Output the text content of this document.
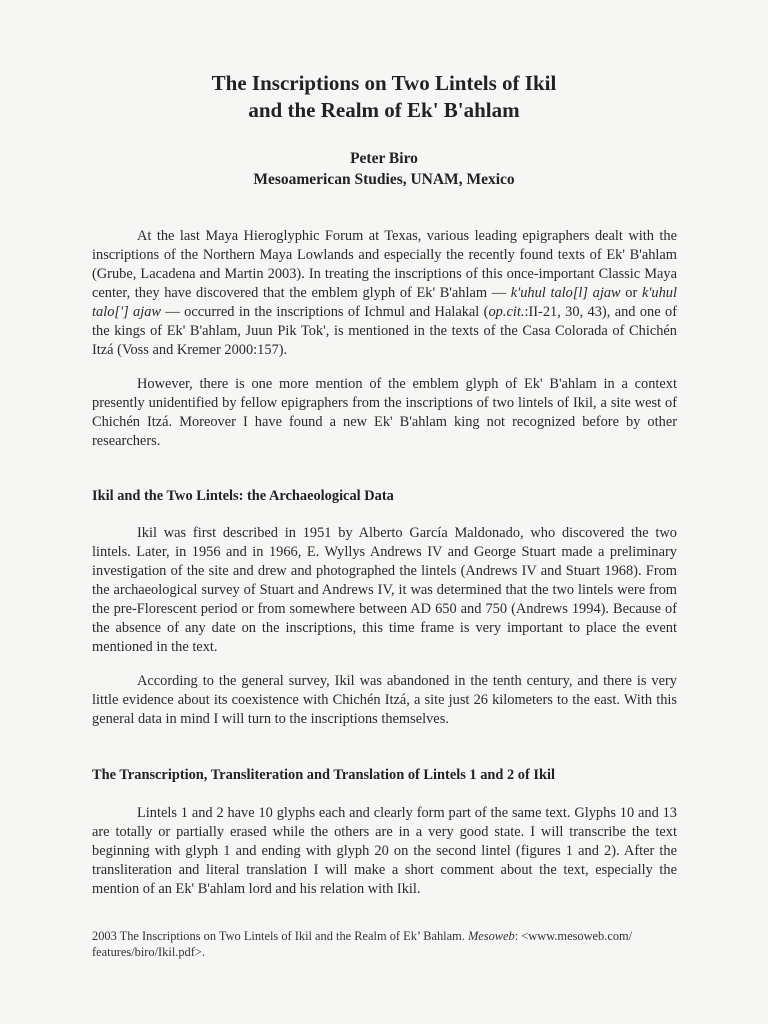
The Inscriptions on Two Lintels of Ikil
and the Realm of Ek' B'ahlam
Peter Biro
Mesoamerican Studies, UNAM, Mexico

At the last Maya Hieroglyphic Forum at Texas, various leading epigraphers dealt with the inscriptions of the Northern Maya Lowlands and especially the recently found texts of Ek' B'ahlam (Grube, Lacadena and Martin 2003). In treating the inscriptions of this once-important Classic Maya center, they have discovered that the emblem glyph of Ek' B'ahlam — k'uhul talo[l] ajaw or k'uhul talo['] ajaw — occurred in the inscriptions of Ichmul and Halakal (op.cit.:II-21, 30, 43), and one of the kings of Ek' B'ahlam, Juun Pik Tok', is mentioned in the texts of the Casa Colorada of Chichén Itzá (Voss and Kremer 2000:157).

However, there is one more mention of the emblem glyph of Ek' B'ahlam in a context presently unidentified by fellow epigraphers from the inscriptions of two lintels of Ikil, a site west of Chichén Itzá. Moreover I have found a new Ek' B'ahlam king not recognized before by other researchers.

Ikil and the Two Lintels: the Archaeological Data

Ikil was first described in 1951 by Alberto García Maldonado, who discovered the two lintels. Later, in 1956 and in 1966, E. Wyllys Andrews IV and George Stuart made a preliminary investigation of the site and drew and photographed the lintels (Andrews IV and Stuart 1968). From the archaeological survey of Stuart and Andrews IV, it was determined that the two lintels were from the pre-Florescent period or from somewhere between AD 650 and 750 (Andrews 1994). Because of the absence of any date on the inscriptions, this time frame is very important to place the event mentioned in the text.

According to the general survey, Ikil was abandoned in the tenth century, and there is very little evidence about its coexistence with Chichén Itzá, a site just 26 kilometers to the east. With this general data in mind I will turn to the inscriptions themselves.

The Transcription, Transliteration and Translation of Lintels 1 and 2 of Ikil

Lintels 1 and 2 have 10 glyphs each and clearly form part of the same text. Glyphs 10 and 13 are totally or partially erased while the others are in a very good state. I will transcribe the text beginning with glyph 1 and ending with glyph 20 on the second lintel (figures 1 and 2). After the transliteration and literal translation I will make a short comment about the text, especially the mention of an Ek' B'ahlam lord and his relation with Ikil.

2003 The Inscriptions on Two Lintels of Ikil and the Realm of Ek’ Bahlam. Mesoweb: <www.mesoweb.com/ features/biro/Ikil.pdf>.
